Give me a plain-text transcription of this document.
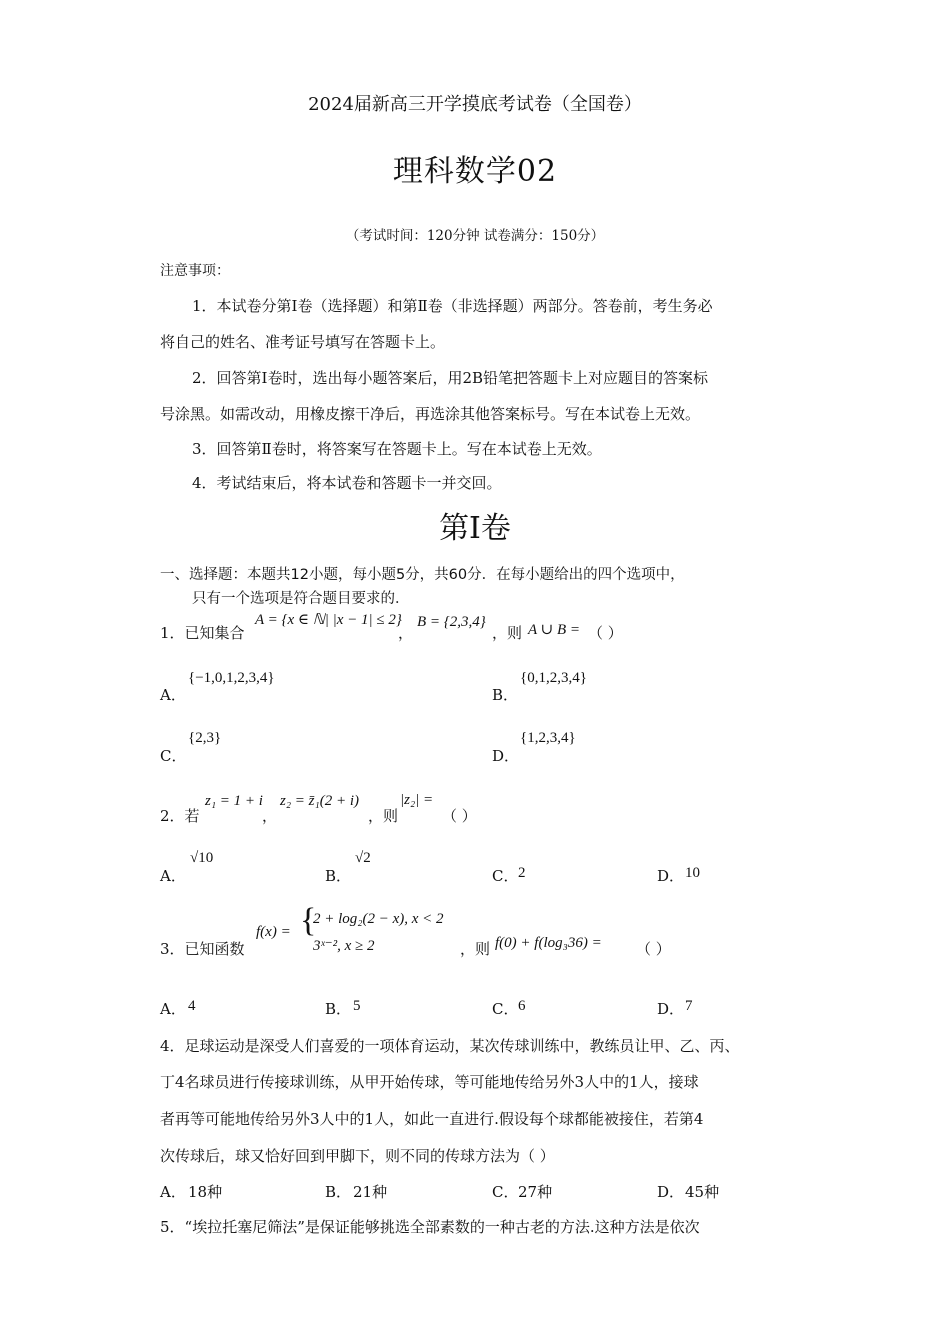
2024届新高三开学摸底考试卷（全国卷）
理科数学02
（考试时间：120分钟 试卷满分：150分）
注意事项：
1．本试卷分第Ⅰ卷（选择题）和第Ⅱ卷（非选择题）两部分。答卷前，考生务必
将自己的姓名、准考证号填写在答题卡上。
2．回答第Ⅰ卷时，选出每小题答案后，用2B铅笔把答题卡上对应题目的答案标
号涂黑。如需改动，用橡皮擦干净后，再选涂其他答案标号。写在本试卷上无效。
3．回答第Ⅱ卷时，将答案写在答题卡上。写在本试卷上无效。
4．考试结束后，将本试卷和答题卡一并交回。
第Ⅰ卷
一、选择题：本题共12小题，每小题5分，共60分．在每小题给出的四个选项中，
只有一个选项是符合题目要求的．
1．已知集合
A = {x ∈ ℕ| |x − 1| ≤ 2}
，
B = {2,3,4}
，则 A ∪ B = （ ）
A．
{−1,0,1,2,3,4}
B．
{0,1,2,3,4}
C．
{2,3}
D．
{1,2,3,4}
2．若
z₁ = 1 + i
，
z₂ = z̄₁(2 + i)
，则
|z₂| =
（ ）
A．
√10
B．
√2
C． 2	D． 10
3．已知函数
f(x) = {
2 + log₂(2 − x), x < 2
3ˣ⁻², x ≥ 2	，则 f(0) + f(log₃36) = （ ）
A． 4	B． 5	C． 6	D． 7
4．足球运动是深受人们喜爱的一项体育运动，某次传球训练中，教练员让甲、乙、丙、
丁4名球员进行传接球训练，从甲开始传球，等可能地传给另外3人中的1人，接球
者再等可能地传给另外3人中的1人，如此一直进行.假设每个球都能被接住，若第4
次传球后，球又恰好回到甲脚下，则不同的传球方法为（ ）
A． 18种	B． 21种	C． 27种	D． 45种
5．“埃拉托塞尼筛法”是保证能够挑选全部素数的一种古老的方法.这种方法是依次
